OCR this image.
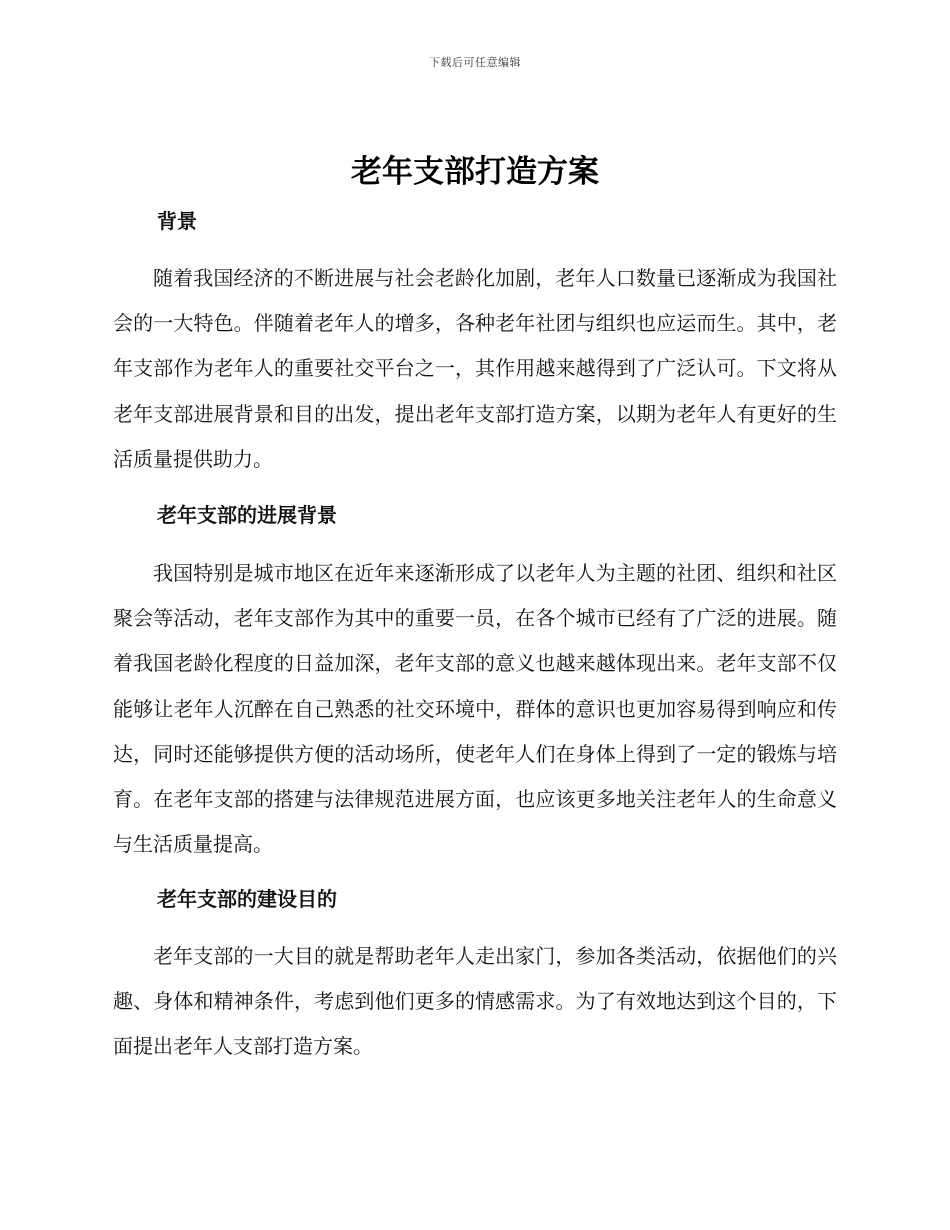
下载后可任意编辑
老年支部打造方案
背景

随着我国经济的不断进展与社会老龄化加剧，老年人口数量已逐渐成为我国社会的一大特色。伴随着老年人的增多，各种老年社团与组织也应运而生。其中，老年支部作为老年人的重要社交平台之一，其作用越来越得到了广泛认可。下文将从老年支部进展背景和目的出发，提出老年支部打造方案，以期为老年人有更好的生活质量提供助力。

老年支部的进展背景

我国特别是城市地区在近年来逐渐形成了以老年人为主题的社团、组织和社区聚会等活动，老年支部作为其中的重要一员，在各个城市已经有了广泛的进展。随着我国老龄化程度的日益加深，老年支部的意义也越来越体现出来。老年支部不仅能够让老年人沉醉在自己熟悉的社交环境中，群体的意识也更加容易得到响应和传达，同时还能够提供方便的活动场所，使老年人们在身体上得到了一定的锻炼与培育。在老年支部的搭建与法律规范进展方面，也应该更多地关注老年人的生命意义与生活质量提高。

老年支部的建设目的

老年支部的一大目的就是帮助老年人走出家门，参加各类活动，依据他们的兴趣、身体和精神条件，考虑到他们更多的情感需求。为了有效地达到这个目的，下面提出老年人支部打造方案。
